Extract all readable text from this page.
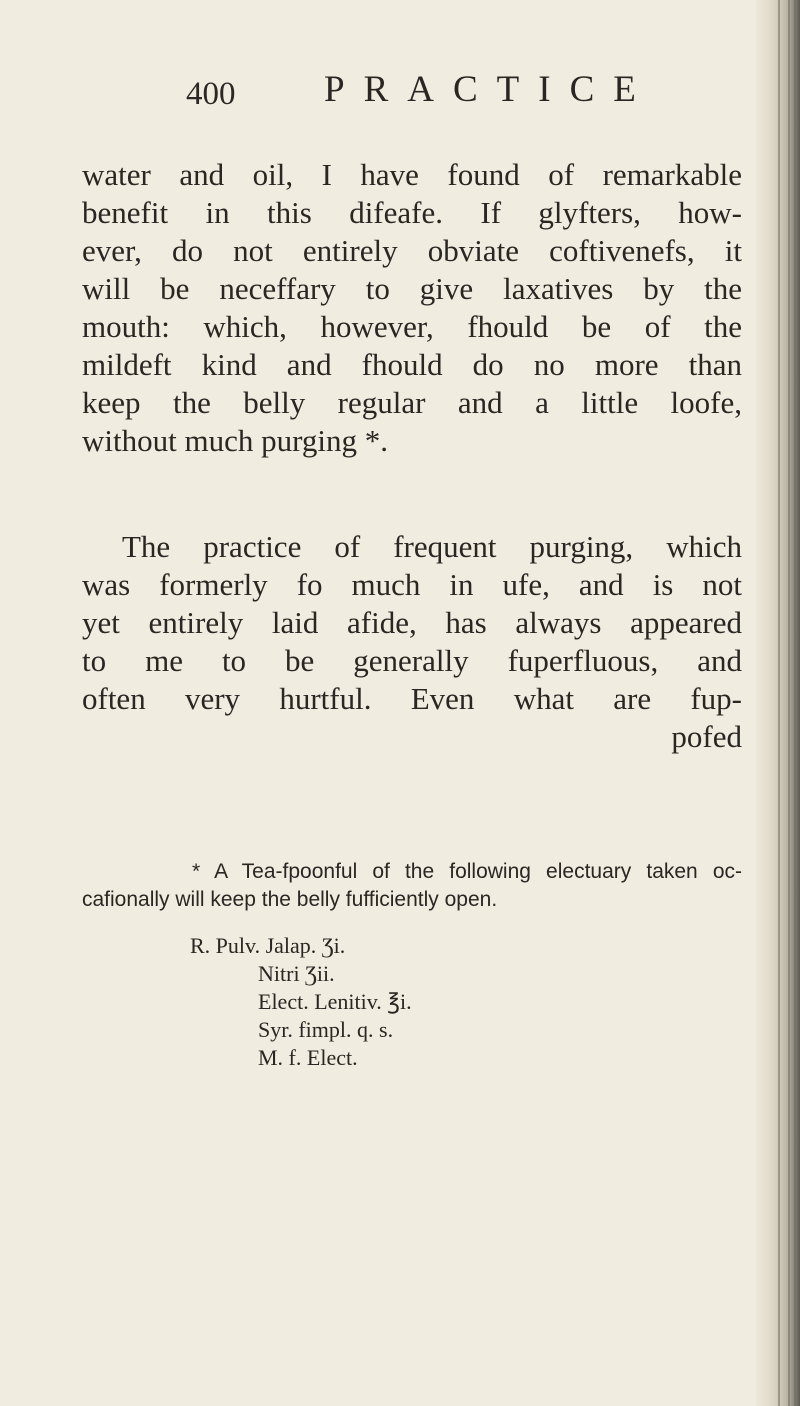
400 PRACTICE
water and oil, I have found of remarkable
benefit in this difeafe. If glyfters, how-
ever, do not entirely obviate coftivenefs, it
will be neceffary to give laxatives by the
mouth: which, however, fhould be of the
mildeft kind and fhould do no more than
keep the belly regular and a little loofe,
without much purging *.
The practice of frequent purging, which
was formerly fo much in ufe, and is not
yet entirely laid afide, has always appeared
to me to be generally fuperfluous, and
often very hurtful. Even what are fup-
pofed
* A Tea-fpoonful of the following electuary taken oc-
cafionally will keep the belly fufficiently open.
R. Pulv. Jalap. Ʒi.
Nitri Ʒii.
Elect. Lenitiv. ℥i.
Syr. fimpl. q. s.
M. f. Elect.
